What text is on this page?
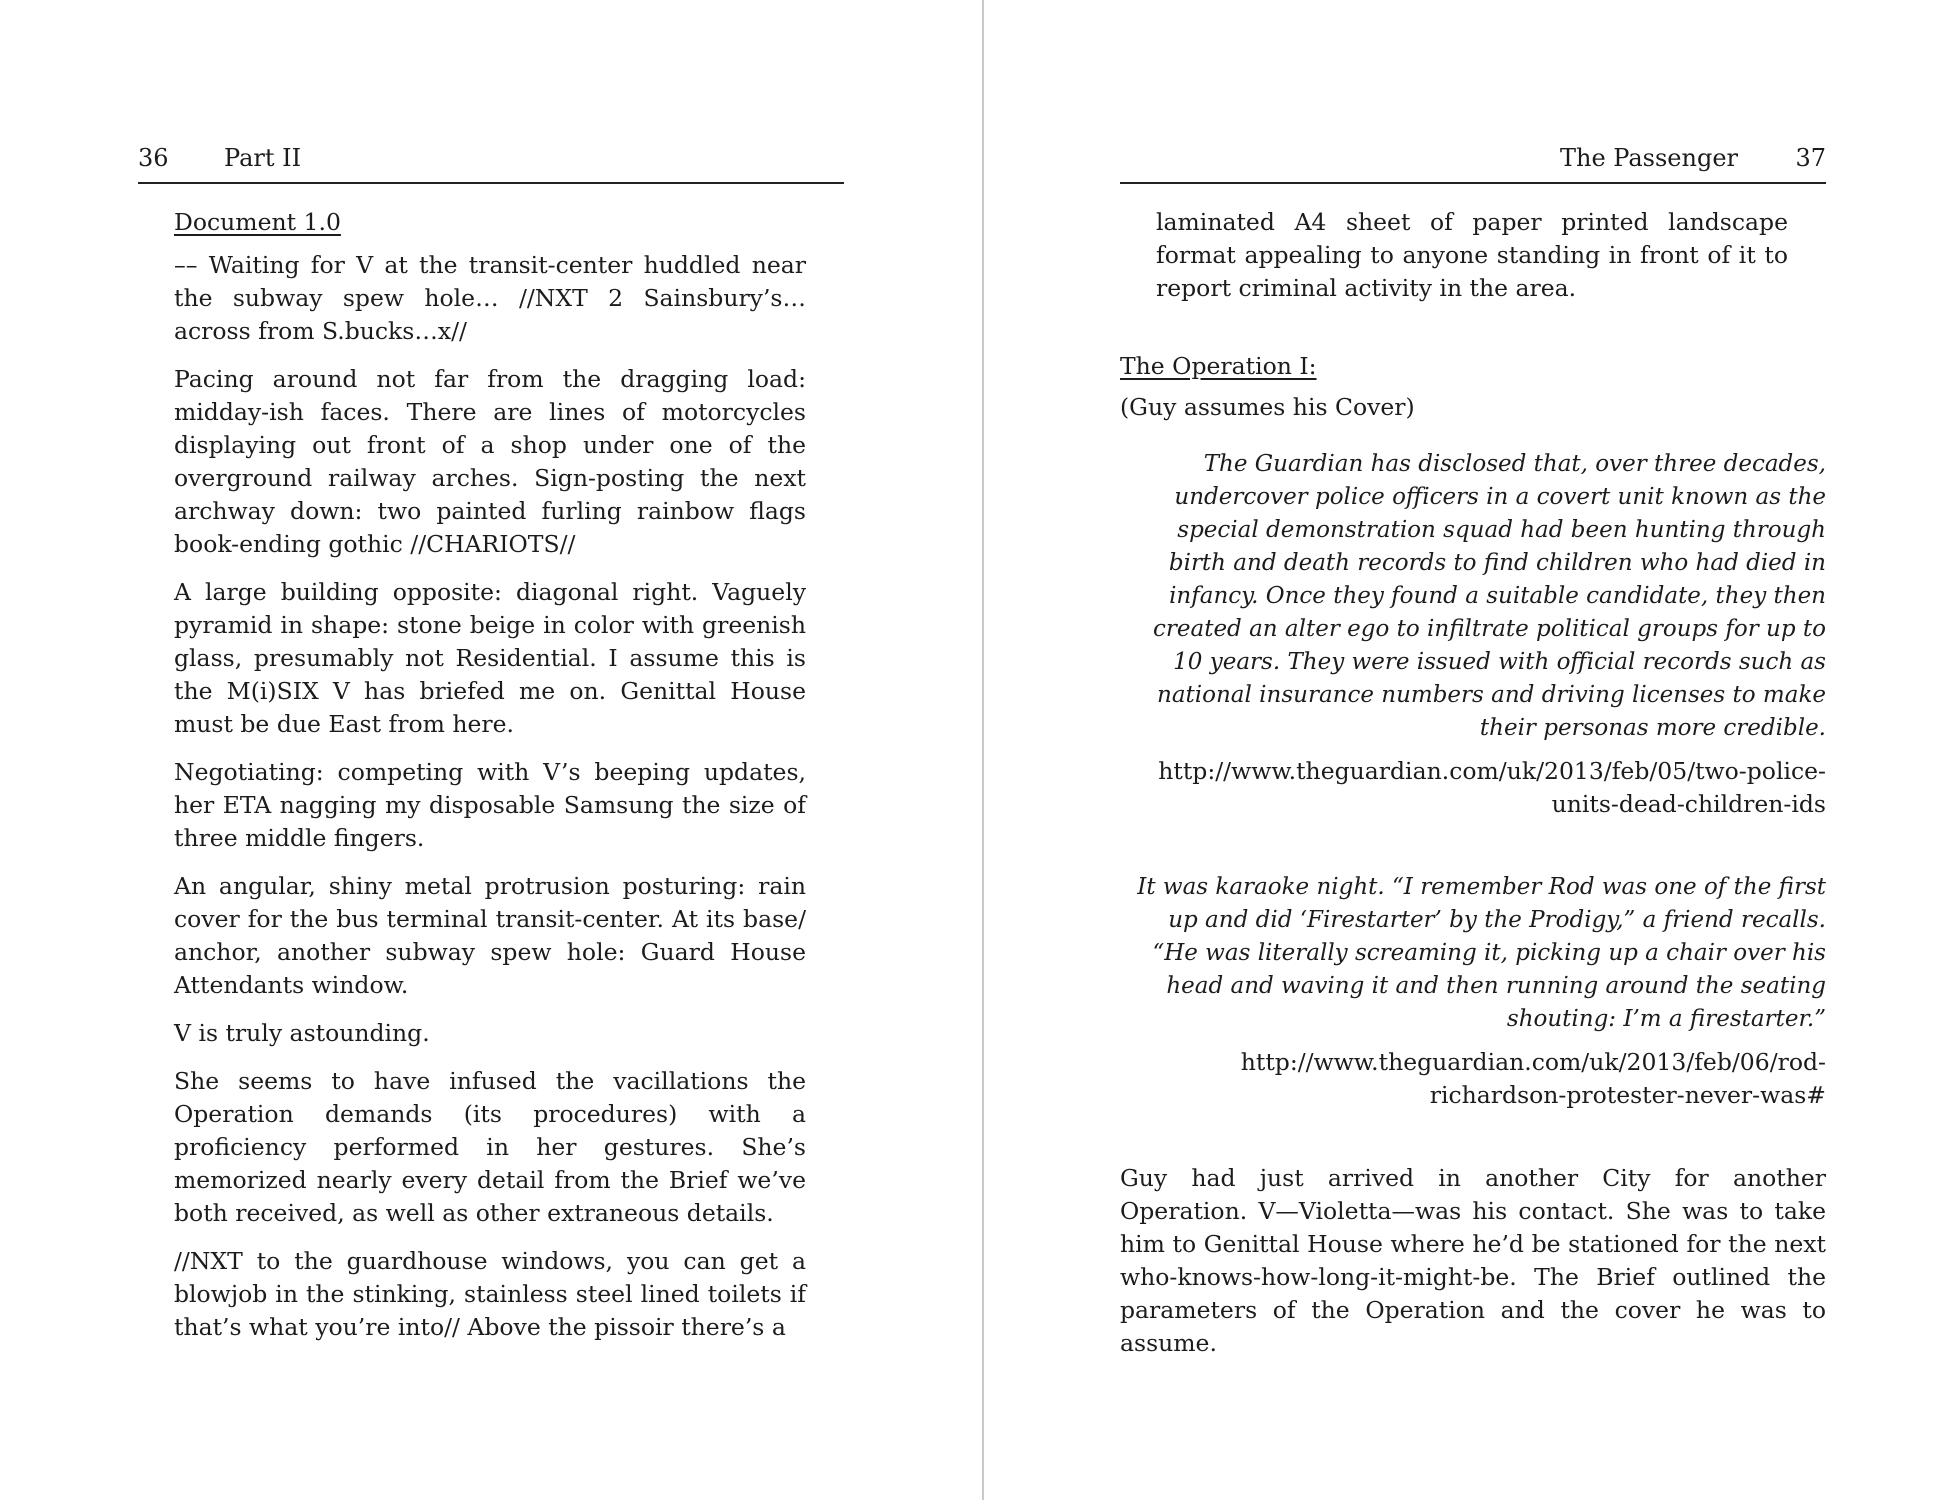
36 Part II

Document 1.0

–– Waiting for V at the transit-center huddled near the subway spew hole… //NXT 2 Sainsbury’s… across from S.bucks…x//

Pacing around not far from the dragging load: midday-ish faces. There are lines of motorcycles displaying out front of a shop under one of the overground railway arches. Sign-posting the next archway down: two painted furling rainbow flags book-ending gothic //CHARIOTS//

A large building opposite: diagonal right. Vaguely pyramid in shape: stone beige in color with greenish glass, presumably not Residential. I assume this is the M(i)SIX V has briefed me on. Genittal House must be due East from here.

Negotiating: competing with V’s beeping updates, her ETA nagging my disposable Samsung the size of three middle fingers.

An angular, shiny metal protrusion posturing: rain cover for the bus terminal transit-center. At its base/ anchor, another subway spew hole: Guard House Attendants window.

V is truly astounding.

She seems to have infused the vacillations the Operation demands (its procedures) with a proficiency performed in her gestures. She’s memorized nearly every detail from the Brief we’ve both received, as well as other extraneous details.

//NXT to the guardhouse windows, you can get a blowjob in the stinking, stainless steel lined toilets if that’s what you’re into// Above the pissoir there’s a

The Passenger 37

laminated A4 sheet of paper printed landscape format appealing to anyone standing in front of it to report criminal activity in the area.

The Operation I:

(Guy assumes his Cover)

The Guardian has disclosed that, over three decades, undercover police officers in a covert unit known as the special demonstration squad had been hunting through birth and death records to find children who had died in infancy. Once they found a suitable candidate, they then created an alter ego to infiltrate political groups for up to 10 years. They were issued with official records such as national insurance numbers and driving licenses to make their personas more credible.

http://www.theguardian.com/uk/2013/feb/05/two-police-units-dead-children-ids

It was karaoke night. “I remember Rod was one of the first up and did ‘Firestarter’ by the Prodigy,” a friend recalls. “He was literally screaming it, picking up a chair over his head and waving it and then running around the seating shouting: I’m a firestarter.”

http://www.theguardian.com/uk/2013/feb/06/rod-richardson-protester-never-was#

Guy had just arrived in another City for another Operation. V—Violetta—was his contact. She was to take him to Genittal House where he’d be stationed for the next who-knows-how-long-it-might-be. The Brief outlined the parameters of the Operation and the cover he was to assume.
